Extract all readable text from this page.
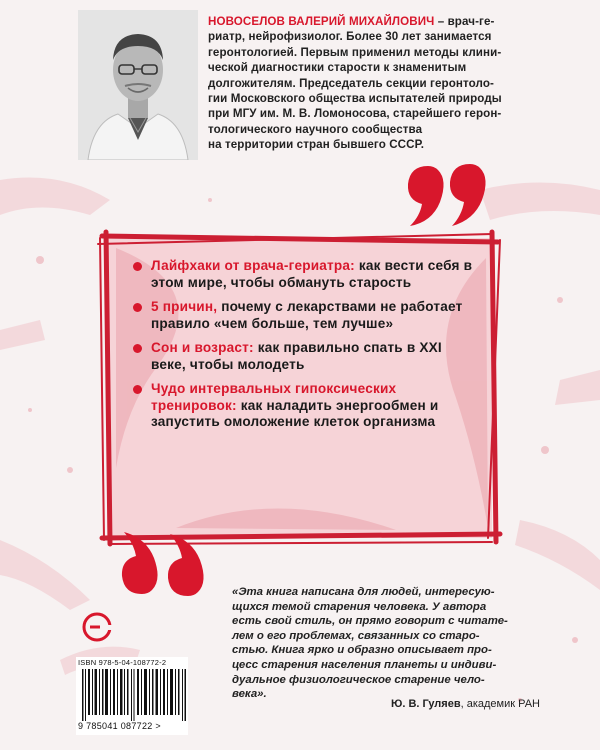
НОВОСЕЛОВ ВАЛЕРИЙ МИХАЙЛОВИЧ – врач-ге-

риатр, нейрофизиолог. Более 30 лет занимается

геронтологией. Первым применил методы клини-

ческой диагностики старости к знаменитым

долгожителям. Председатель секции геронтоло-

гии Московского общества испытателей природы

при МГУ им. М. В. Ломоносова, старейшего герон-

тологического научного сообщества

на территории стран бывшего СССР.

Лайфхаки от врача-гериатра: как вести себя в этом мире, чтобы обмануть старость
5 причин, почему с лекарствами не работает правило «чем больше, тем лучше»
Сон и возраст: как правильно спать в XXI веке, чтобы молодеть
Чудо интервальных гипоксических тренировок: как наладить энергообмен и запустить омоложение клеток организма

«Эта книга написана для людей, интересую-

щихся темой старения человека. У автора

есть свой стиль, он прямо говорит с читате-

лем о его проблемах, связанных со старо-

стью. Книга ярко и образно описывает про-

цесс старения населения планеты и индиви-

дуальное физиологическое старение чело-

века».

Ю. В. Гуляев, академик РАН
ISBN 978-5-04-108772-2
9 785041 087722 >
